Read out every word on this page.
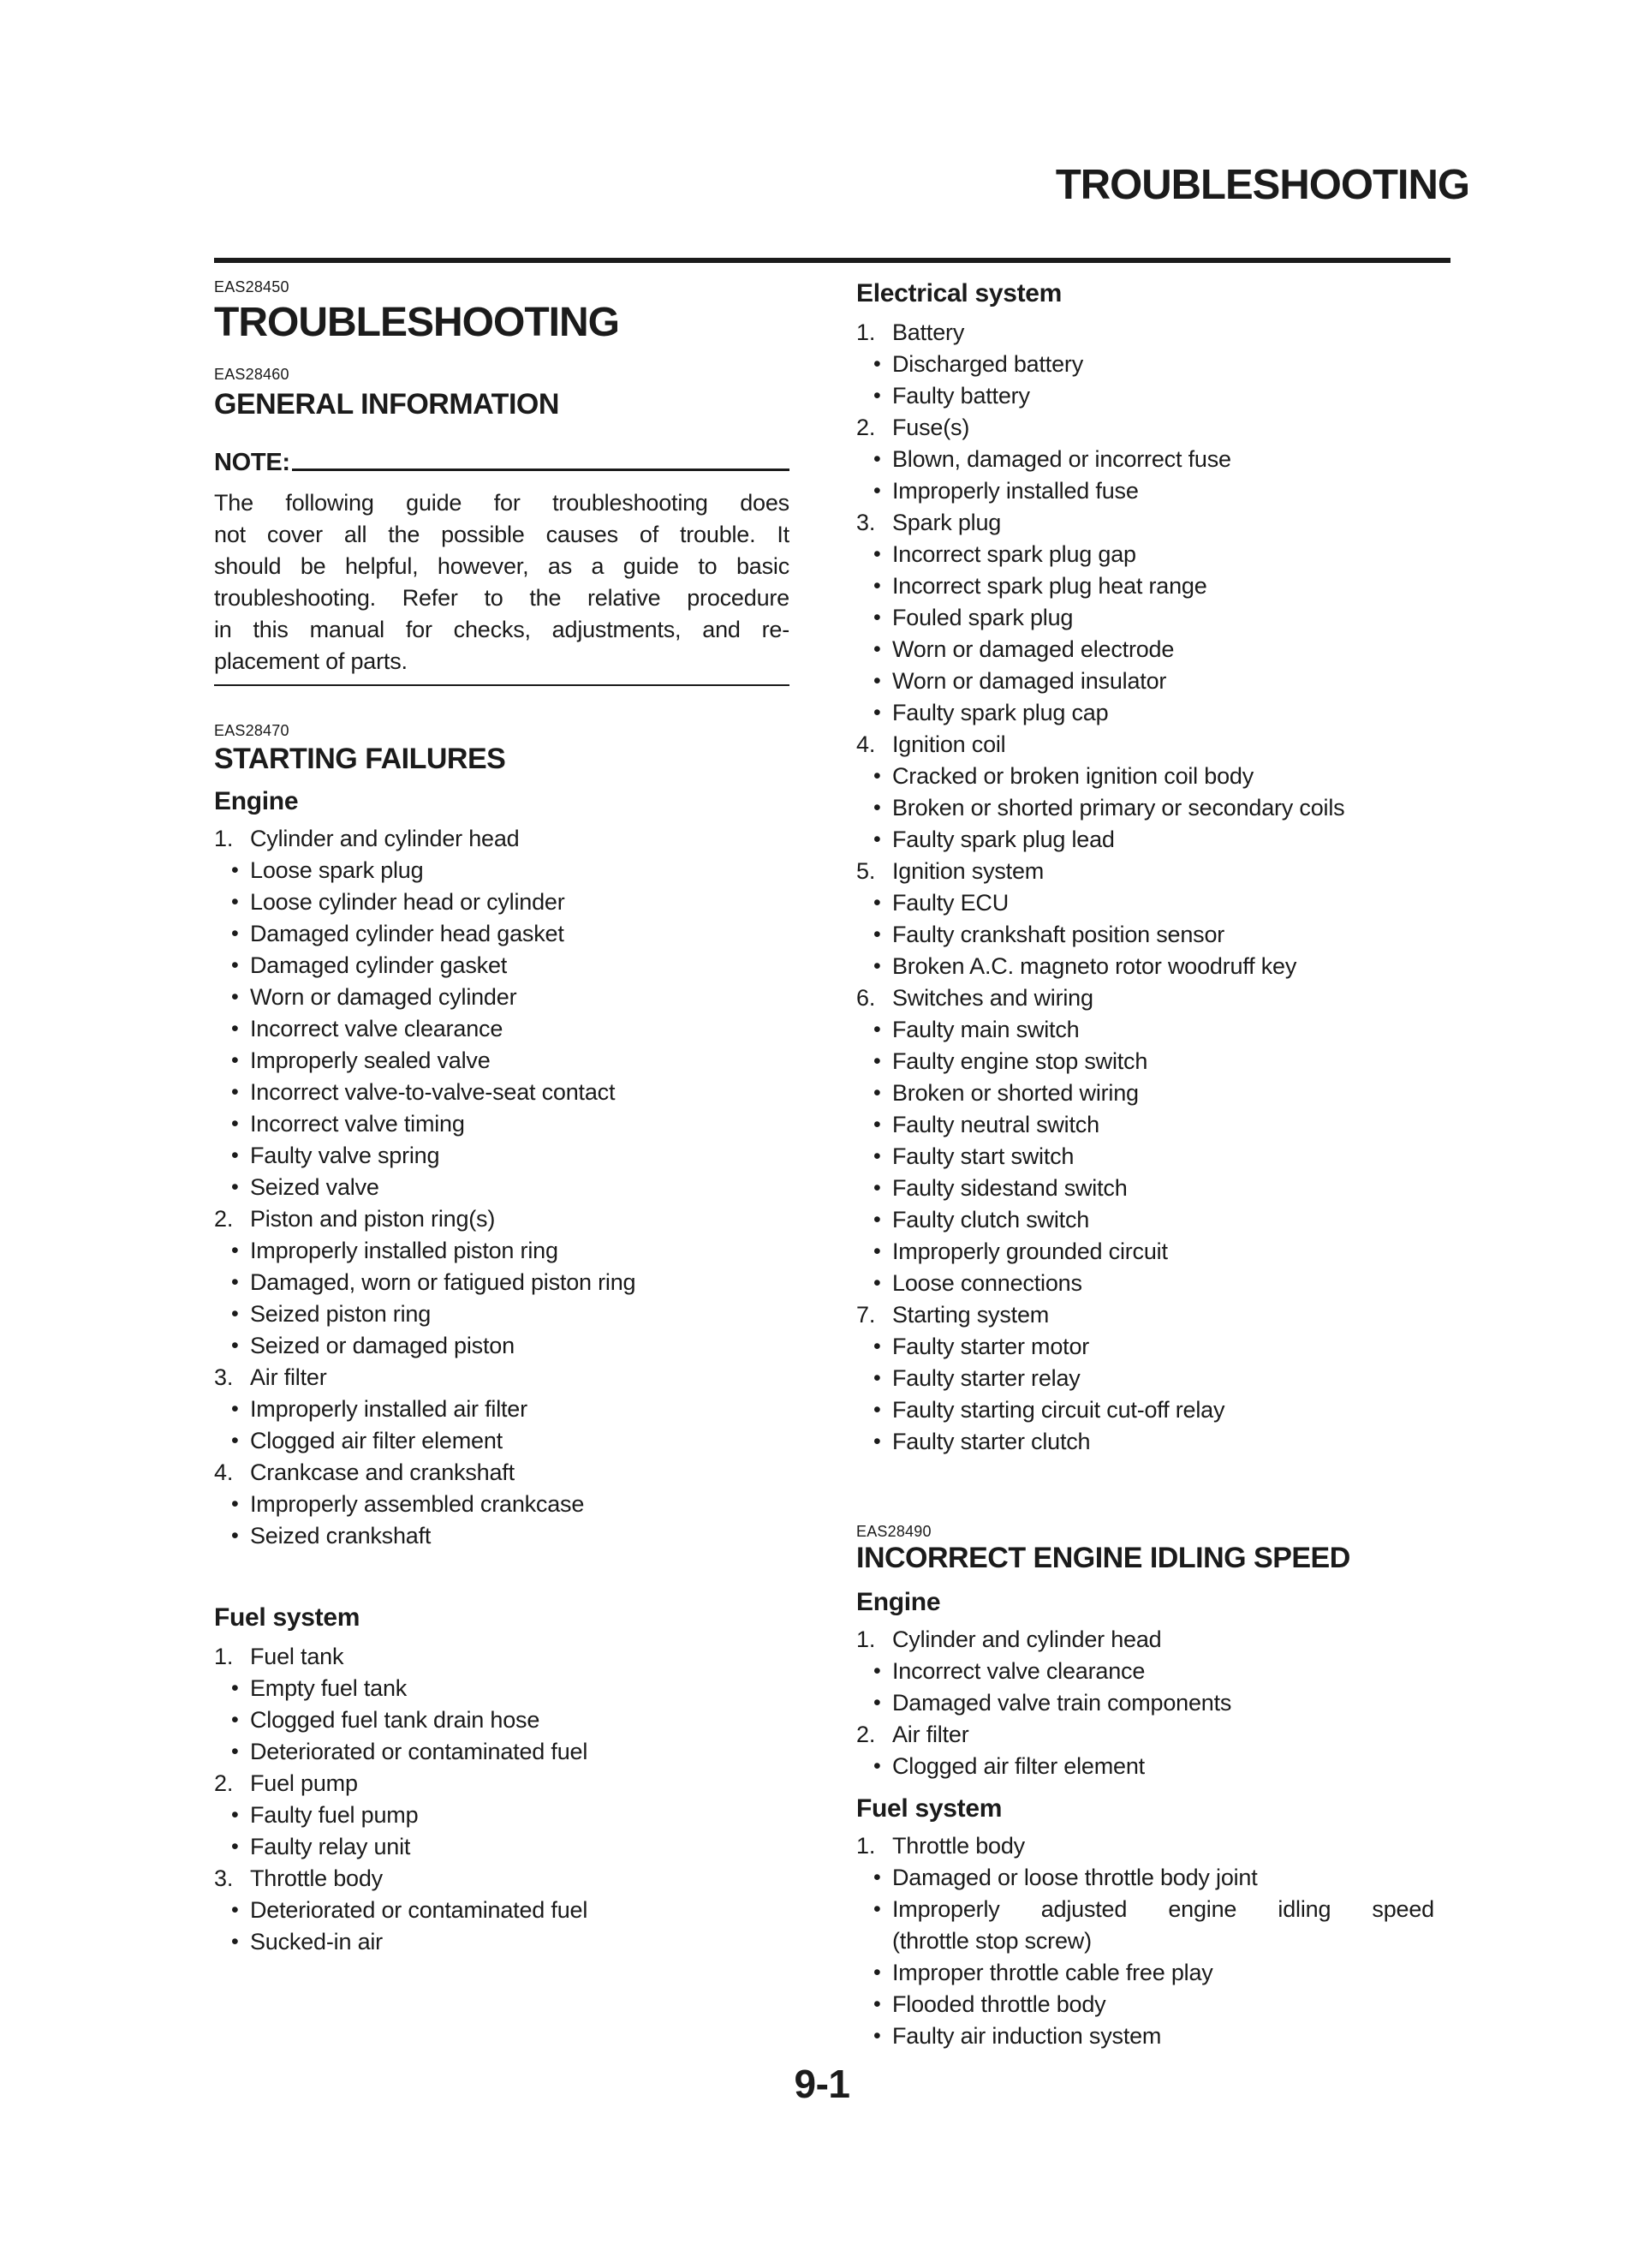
TROUBLESHOOTING
EAS28450
TROUBLESHOOTING
EAS28460
GENERAL INFORMATION
NOTE:
The following guide for troubleshooting does
not cover all the possible causes of trouble. It
should be helpful, however, as a guide to basic
troubleshooting. Refer to the relative procedure
in this manual for checks, adjustments, and re-
placement of parts.
EAS28470
STARTING FAILURES
Engine
1. Cylinder and cylinder head
• Loose spark plug
• Loose cylinder head or cylinder
• Damaged cylinder head gasket
• Damaged cylinder gasket
• Worn or damaged cylinder
• Incorrect valve clearance
• Improperly sealed valve
• Incorrect valve-to-valve-seat contact
• Incorrect valve timing
• Faulty valve spring
• Seized valve
2. Piston and piston ring(s)
• Improperly installed piston ring
• Damaged, worn or fatigued piston ring
• Seized piston ring
• Seized or damaged piston
3. Air filter
• Improperly installed air filter
• Clogged air filter element
4. Crankcase and crankshaft
• Improperly assembled crankcase
• Seized crankshaft
Fuel system
1. Fuel tank
• Empty fuel tank
• Clogged fuel tank drain hose
• Deteriorated or contaminated fuel
2. Fuel pump
• Faulty fuel pump
• Faulty relay unit
3. Throttle body
• Deteriorated or contaminated fuel
• Sucked-in air
Electrical system
1. Battery
• Discharged battery
• Faulty battery
2. Fuse(s)
• Blown, damaged or incorrect fuse
• Improperly installed fuse
3. Spark plug
• Incorrect spark plug gap
• Incorrect spark plug heat range
• Fouled spark plug
• Worn or damaged electrode
• Worn or damaged insulator
• Faulty spark plug cap
4. Ignition coil
• Cracked or broken ignition coil body
• Broken or shorted primary or secondary coils
• Faulty spark plug lead
5. Ignition system
• Faulty ECU
• Faulty crankshaft position sensor
• Broken A.C. magneto rotor woodruff key
6. Switches and wiring
• Faulty main switch
• Faulty engine stop switch
• Broken or shorted wiring
• Faulty neutral switch
• Faulty start switch
• Faulty sidestand switch
• Faulty clutch switch
• Improperly grounded circuit
• Loose connections
7. Starting system
• Faulty starter motor
• Faulty starter relay
• Faulty starting circuit cut-off relay
• Faulty starter clutch
EAS28490
INCORRECT ENGINE IDLING SPEED
Engine
1. Cylinder and cylinder head
• Incorrect valve clearance
• Damaged valve train components
2. Air filter
• Clogged air filter element
Fuel system
1. Throttle body
• Damaged or loose throttle body joint
• Improperly adjusted engine idling speed
(throttle stop screw)
• Improper throttle cable free play
• Flooded throttle body
• Faulty air induction system
9-1
